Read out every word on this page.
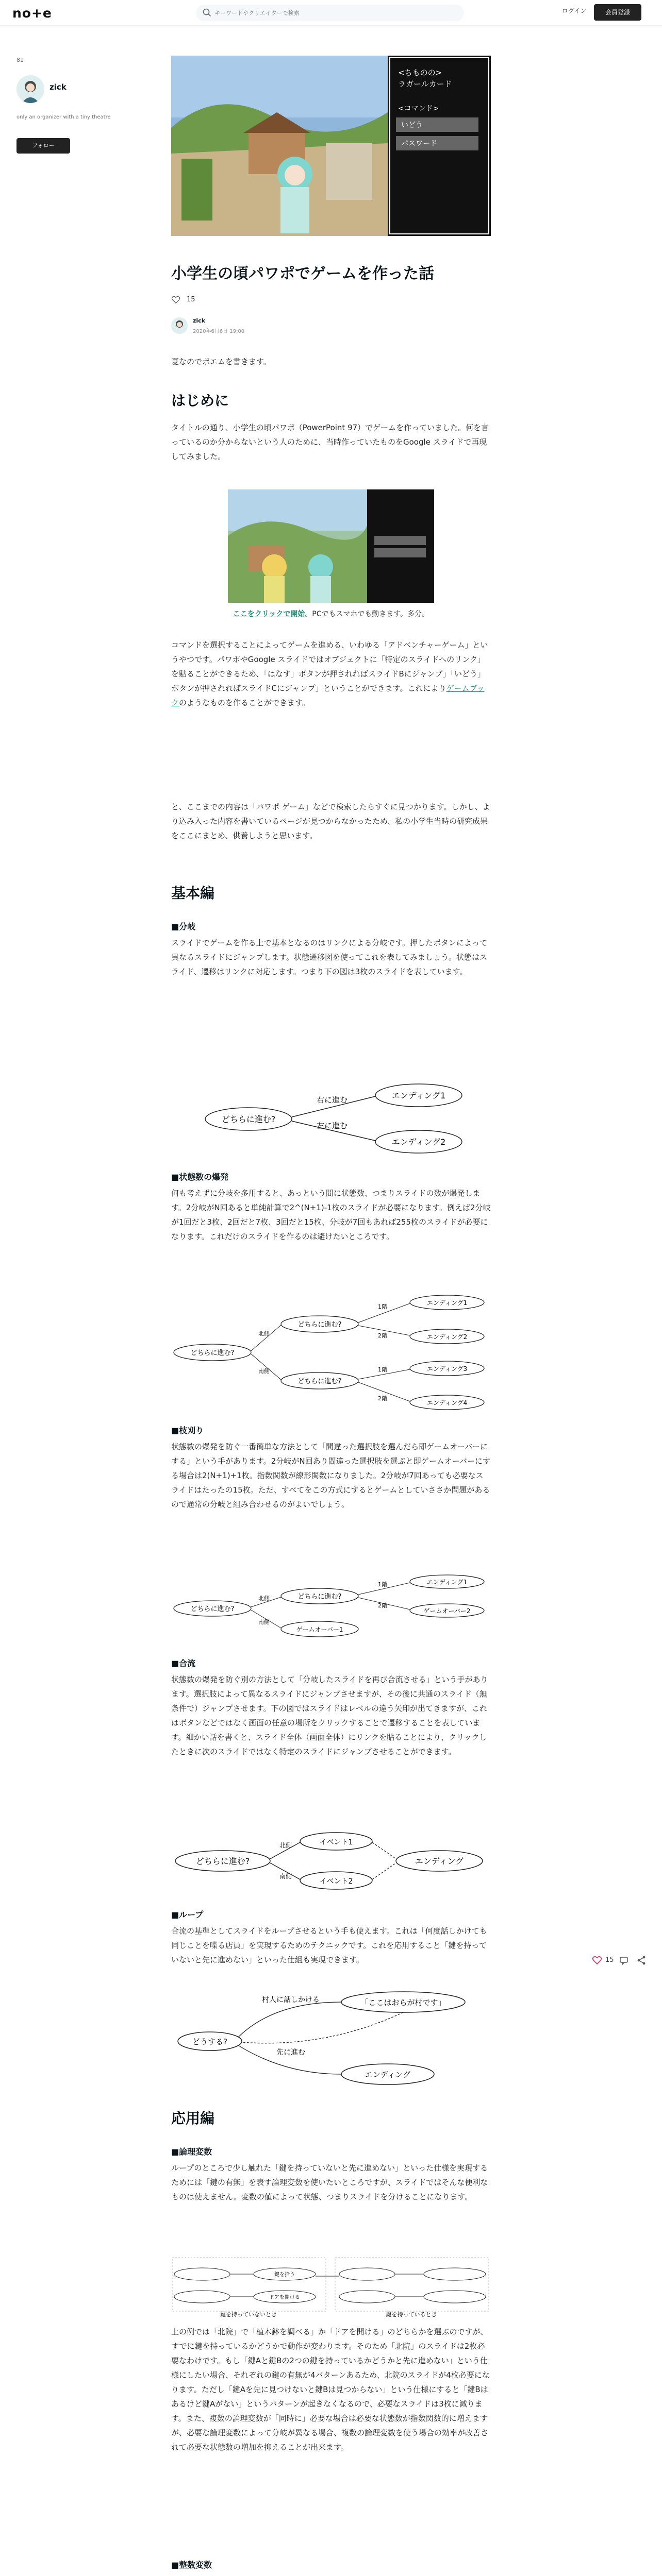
no+e
キーワードやクリエイターで検索	ログイン	会員登録
81
zick
only an organizer with a tiny theatre
フォロー
<ちものの>
ラガールカード
<コマンド>
いどう
パスワード
小学生の頃パワポでゲームを作った話
15
zick
2020年6月6日 19:00

夏なのでポエムを書きます。

はじめに

タイトルの通り、小学生の頃パワポ（PowerPoint 97）でゲームを作っていました。何を言っているのか分からないという人のために、当時作っていたものをGoogle スライドで再現してみました。

ここをクリックで開始。PCでもスマホでも動きます。多分。

コマンドを選択することによってゲームを進める、いわゆる「アドベンチャーゲーム」というやつです。パワポやGoogle スライドではオブジェクトに「特定のスライドへのリンク」を貼ることができるため、「はなす」ボタンが押されればスライドBにジャンプ」「いどう」ボタンが押されればスライドCにジャンプ」ということができます。これによりゲームブックのようなものを作ることができます。

と、ここまでの内容は「パワポ ゲーム」などで検索したらすぐに見つかります。しかし、より込み入った内容を書いているページが見つからなかったため、私の小学生当時の研究成果をここにまとめ、供養しようと思います。

基本編
■分岐

スライドでゲームを作る上で基本となるのはリンクによる分岐です。押したボタンによって異なるスライドにジャンプします。状態遷移図を使ってこれを表してみましょう。状態はスライド、遷移はリンクに対応します。つまり下の図は3枚のスライドを表しています。

どちらに進む?
エンディング1
エンディング2
右に進む
左に進む
■状態数の爆発

何も考えずに分岐を多用すると、あっという間に状態数、つまりスライドの数が爆発します。2分岐がN回あると単純計算で2^(N+1)-1枚のスライドが必要になります。例えば2分岐が1回だと3枚、2回だと7枚、3回だと15枚、分岐が7回もあれば255枚のスライドが必要になります。これだけのスライドを作るのは避けたいところです。

どちらに進む?
どちらに進む?
どちらに進む?
エンディング1
エンディング2
エンディング3
エンディング4
北側
南側
1階
2階
1階
2階
■枝刈り

状態数の爆発を防ぐ一番簡単な方法として「間違った選択肢を選んだら即ゲームオーバーにする」という手があります。2分岐がN回あり間違った選択肢を選ぶと即ゲームオーバーにする場合は2(N+1)+1枚。指数関数が線形関数になりました。2分岐が7回あっても必要なスライドはたったの15枚。ただ、すべてをこの方式にするとゲームとしていささか問題があるので通常の分岐と組み合わせるのがよいでしょう。

どちらに進む?
どちらに進む?
ゲームオーバー1
エンディング1
ゲームオーバー2
北側
南側
1階
2階
■合流

状態数の爆発を防ぐ別の方法として「分岐したスライドを再び合流させる」という手があります。選択肢によって異なるスライドにジャンプさせますが、その後に共通のスライド（無条件で）ジャンプさせます。下の図ではスライドはレベルの違う矢印が出てきますが、これはボタンなどではなく画面の任意の場所をクリックすることで遷移することを表しています。細かい話を書くと、スライド全体（画面全体）にリンクを貼ることにより、クリックしたときに次のスライドではなく特定のスライドにジャンプさせることができます。

どちらに進む?
イベント1
イベント2
エンディング
北側
南側
■ループ

合流の基準としてスライドをループさせるという手も使えます。これは「何度話しかけても同じことを喋る店員」を実現するためのテクニックです。これを応用すること「鍵を持っていないと先に進めない」といった仕組も実現できます。

どうする?
「ここはおらが村です」
エンディング
村人に話しかける
先に進む
応用編
■論理変数

ループのところで少し触れた「鍵を持っていないと先に進めない」といった仕様を実現するためには「鍵の有無」を表す論理変数を使いたいところですが、スライドではそんな便利なものは使えません。変数の値によって状態、つまりスライドを分けることになります。

鍵を持っていないとき	鍵を持っているとき
鍵を拾う
ドアを開ける

上の例では「北院」で「植木鉢を調べる」か「ドアを開ける」のどちらかを選ぶのですが、すでに鍵を持っているかどうかで動作が変わります。そのため「北院」のスライドは2枚必要なわけです。もし「鍵Aと鍵Bの2つの鍵を持っているかどうかと先に進めない」という仕様にしたい場合、それぞれの鍵の有無が4パターンあるため、北院のスライドが4枚必要になります。ただし「鍵Aを先に見つけないと鍵Bは見つからない」という仕様にすると「鍵Bはあるけど鍵Aがない」というパターンが起きなくなるので、必要なスライドは3枚に減ります。また、複数の論理変数が「同時に」必要な場合は必要な状態数が指数関数的に増えますが、必要な論理変数によって分岐が異なる場合、複数の論理変数を使う場合の効率が改善されて必要な状態数の増加を抑えることが出来ます。

■整数変数

15
